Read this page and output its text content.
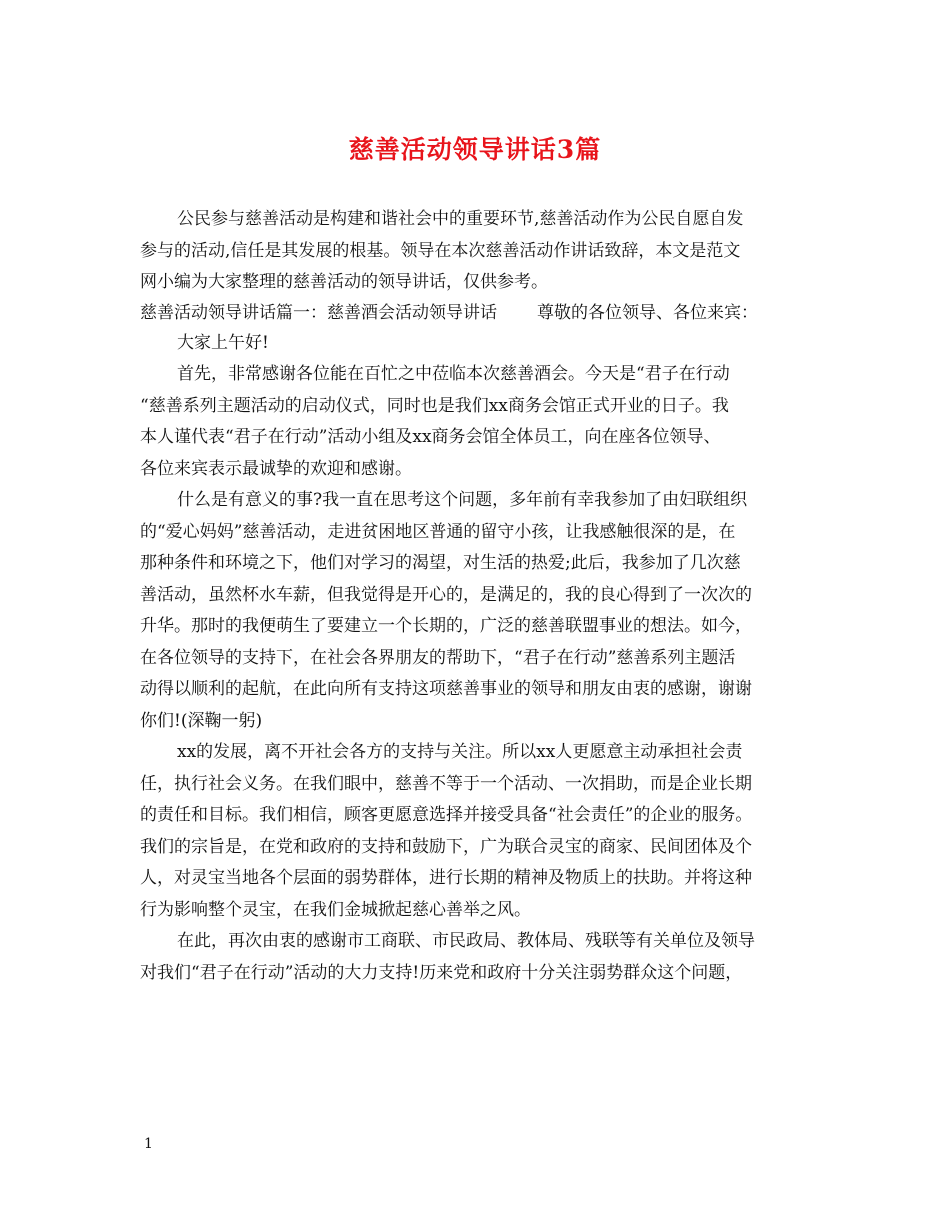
慈善活动领导讲话3篇
公民参与慈善活动是构建和谐社会中的重要环节,慈善活动作为公民自愿自发
参与的活动,信任是其发展的根基。领导在本次慈善活动作讲话致辞，本文是范文
网小编为大家整理的慈善活动的领导讲话，仅供参考。
慈善活动领导讲话篇一：慈善酒会活动领导讲话 尊敬的各位领导、各位来宾：
大家上午好!
首先，非常感谢各位能在百忙之中莅临本次慈善酒会。今天是“君子在行动
“慈善系列主题活动的启动仪式，同时也是我们xx商务会馆正式开业的日子。我
本人谨代表“君子在行动”活动小组及xx商务会馆全体员工，向在座各位领导、
各位来宾表示最诚挚的欢迎和感谢。
什么是有意义的事?我一直在思考这个问题，多年前有幸我参加了由妇联组织
的“爱心妈妈”慈善活动，走进贫困地区普通的留守小孩，让我感触很深的是，在
那种条件和环境之下，他们对学习的渴望，对生活的热爱;此后，我参加了几次慈
善活动，虽然杯水车薪，但我觉得是开心的，是满足的，我的良心得到了一次次的
升华。那时的我便萌生了要建立一个长期的，广泛的慈善联盟事业的想法。如今，
在各位领导的支持下，在社会各界朋友的帮助下，“君子在行动”慈善系列主题活
动得以顺利的起航，在此向所有支持这项慈善事业的领导和朋友由衷的感谢，谢谢
你们!(深鞠一躬)
xx的发展，离不开社会各方的支持与关注。所以xx人更愿意主动承担社会责
任，执行社会义务。在我们眼中，慈善不等于一个活动、一次捐助，而是企业长期
的责任和目标。我们相信，顾客更愿意选择并接受具备“社会责任”的企业的服务。
我们的宗旨是，在党和政府的支持和鼓励下，广为联合灵宝的商家、民间团体及个
人，对灵宝当地各个层面的弱势群体，进行长期的精神及物质上的扶助。并将这种
行为影响整个灵宝，在我们金城掀起慈心善举之风。
在此，再次由衷的感谢市工商联、市民政局、教体局、残联等有关单位及领导
对我们“君子在行动”活动的大力支持!历来党和政府十分关注弱势群众这个问题，
1
